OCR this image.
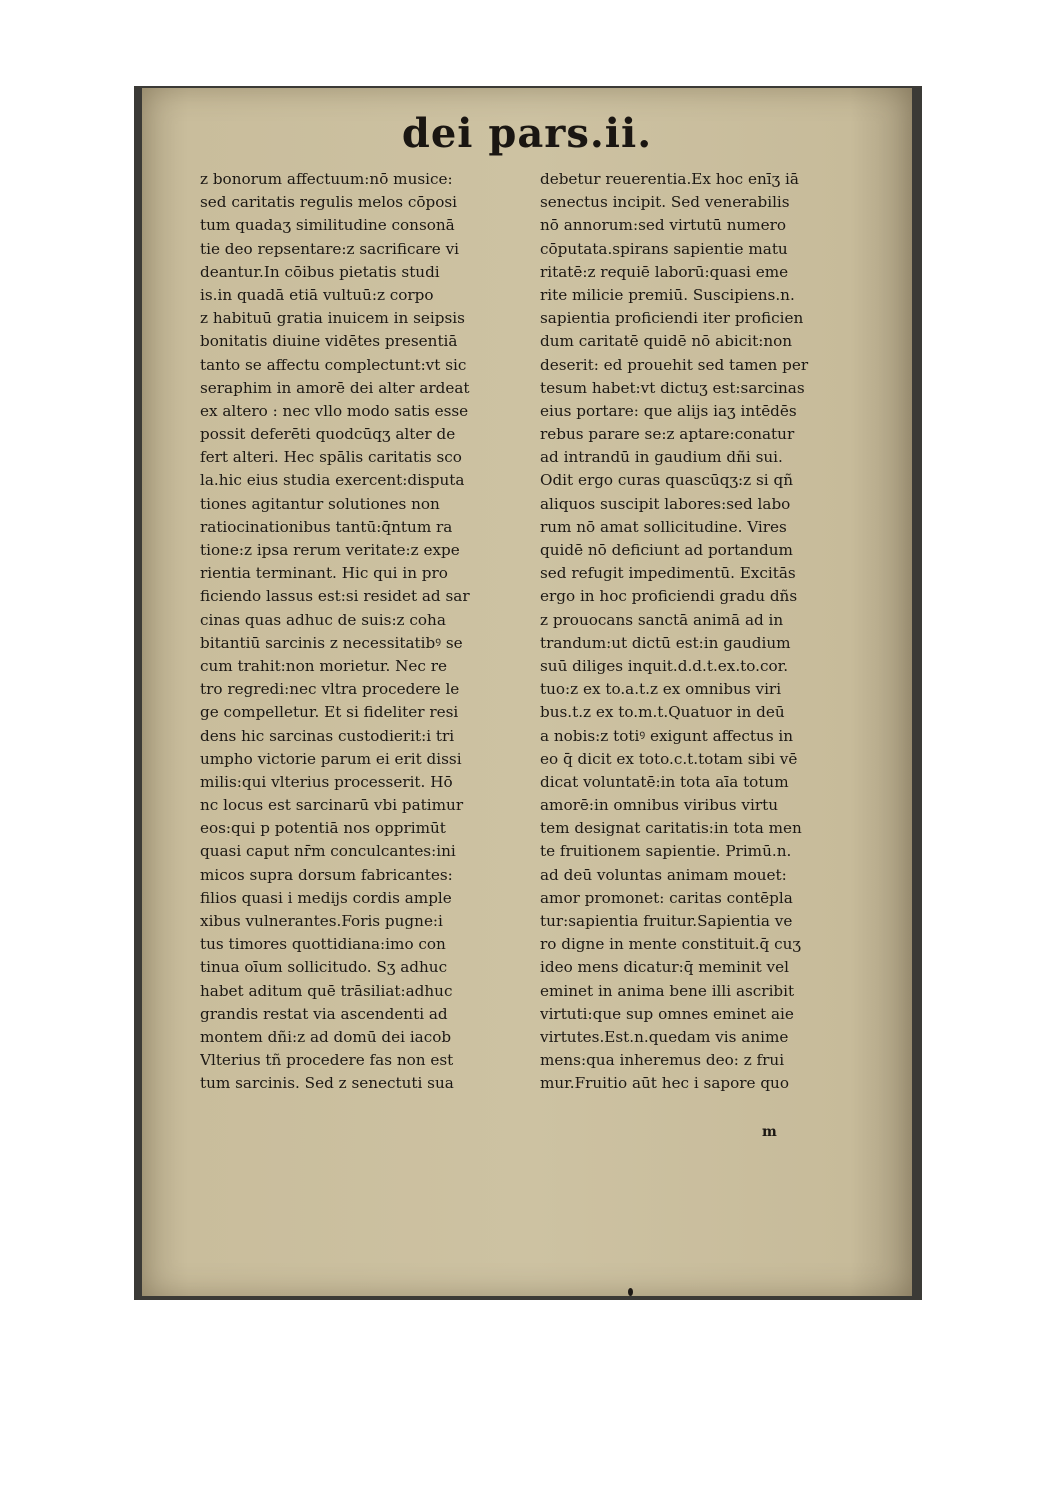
dei pars.ii.
z bonorum affectuum:nō musice:
sed caritatis regulis melos cōposi
tum quadaʒ similitudine consonā
tie deo repsentare:z sacrificare vi
deantur.In cōibus pietatis studi
is.in quadā etiā vultuū:z corpo
z habituū gratia inuicem in seipsis
bonitatis diuine vidētes presentiā
tanto se affectu complectunt:vt sic
seraphim in amorē dei alter ardeat
ex altero : nec vllo modo satis esse
possit deferēti quodcūqʒ alter de
fert alteri. Hec spālis caritatis sco
la.hic eius studia exercent:disputa
tiones agitantur solutiones non
ratiocinationibus tantū:q̄ntum ra
tione:z ipsa rerum veritate:z expe
rientia terminant. Hic qui in pro
ficiendo lassus est:si residet ad sar
cinas quas adhuc de suis:z coha
bitantiū sarcinis z necessitatibꝰ se
cum trahit:non morietur. Nec re
tro regredi:nec vltra procedere le
ge compelletur. Et si fideliter resi
dens hic sarcinas custodierit:i tri
umpho victorie parum ei erit dissi
milis:qui vlterius processerit. Hō
nc locus est sarcinarū vbi patimur
eos:qui p potentiā nos opprimūt
quasi caput nr̄m conculcantes:ini
micos supra dorsum fabricantes:
filios quasi i medijs cordis ample
xibus vulnerantes.Foris pugne:i
tus timores quottidiana:imo con
tinua oīum sollicitudo. Sʒ adhuc
habet aditum quē trāsiliat:adhuc
grandis restat via ascendenti ad
montem dñi:z ad domū dei iacob
Vlterius tñ procedere fas non est
tum sarcinis. Sed z senectuti sua
debetur reuerentia.Ex hoc enīʒ iā
senectus incipit. Sed venerabilis
nō annorum:sed virtutū numero
cōputata.spirans sapientie matu
ritatē:z requiē laborū:quasi eme
rite milicie premiū. Suscipiens.n.
sapientia proficiendi iter proficien
dum caritatē quidē nō abicit:non
deserit: ed prouehit sed tamen per
tesum habet:vt dictuʒ est:sarcinas
eius portare: que alijs iaʒ intēdēs
rebus parare se:z aptare:conatur
ad intrandū in gaudium dñi sui.
Odit ergo curas quascūqʒ:z si qñ
aliquos suscipit labores:sed labo
rum nō amat sollicitudine. Vires
quidē nō deficiunt ad portandum
sed refugit impedimentū. Excitās
ergo in hoc proficiendi gradu dñs
z prouocans sanctā animā ad in
trandum:ut dictū est:in gaudium
suū diliges inquit.d.d.t.ex.to.cor.
tuo:z ex to.a.t.z ex omnibus viri
bus.t.z ex to.m.t.Quatuor in deū
a nobis:z totiꝰ exigunt affectus in
eo q̄ dicit ex toto.c.t.totam sibi vē
dicat voluntatē:in tota aīa totum
amorē:in omnibus viribus virtu
tem designat caritatis:in tota men
te fruitionem sapientie. Primū.n.
ad deū voluntas animam mouet:
amor promonet: caritas contēpla
tur:sapientia fruitur.Sapientia ve
ro digne in mente constituit.q̄ cuʒ
ideo mens dicatur:q̄ meminit vel
eminet in anima bene illi ascribit
virtuti:que sup omnes eminet aie
virtutes.Est.n.quedam vis anime
mens:qua inheremus deo: z frui
mur.Fruitio aūt hec i sapore quo
m
